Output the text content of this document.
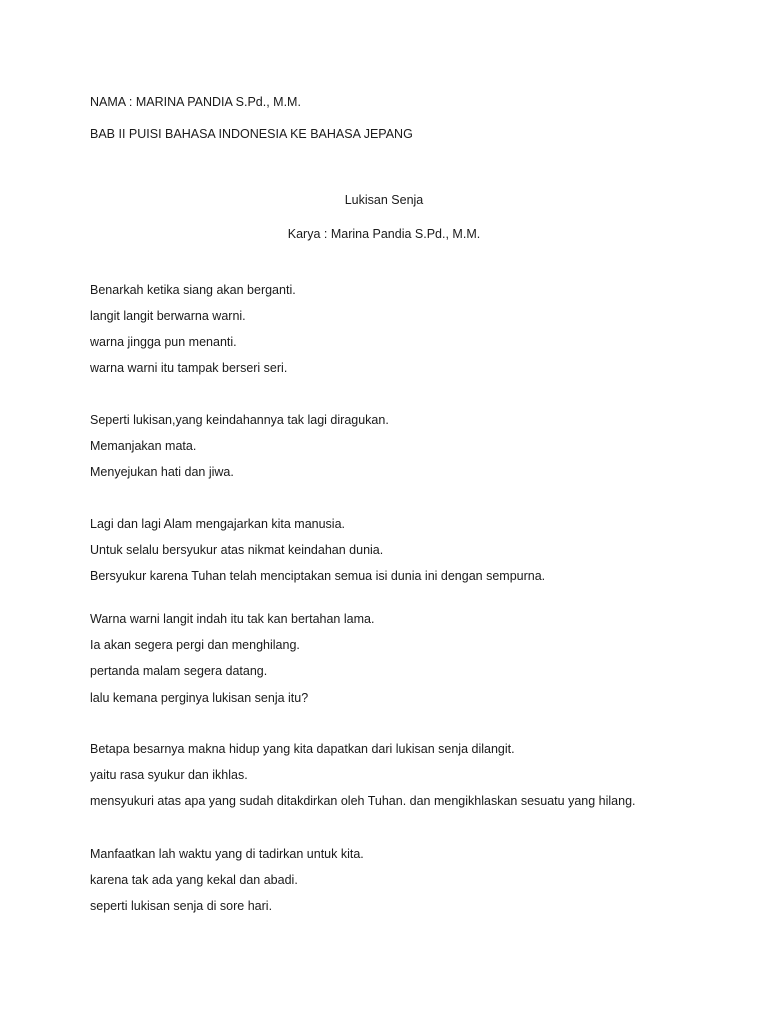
NAMA : MARINA PANDIA S.Pd., M.M.
BAB II PUISI BAHASA INDONESIA KE BAHASA JEPANG
Lukisan Senja
Karya : Marina Pandia S.Pd., M.M.
Benarkah ketika siang akan berganti.
langit langit berwarna warni.
warna jingga pun menanti.
warna warni itu tampak berseri seri.
Seperti lukisan,yang keindahannya tak lagi diragukan.
Memanjakan mata.
Menyejukan hati dan jiwa.
Lagi dan lagi Alam mengajarkan kita manusia.
Untuk selalu bersyukur atas nikmat keindahan dunia.
Bersyukur karena Tuhan telah menciptakan semua isi dunia ini dengan sempurna.
Warna warni langit indah itu tak kan bertahan lama.
Ia akan segera pergi dan menghilang.
pertanda malam segera datang.
lalu kemana perginya lukisan senja itu?
Betapa besarnya makna hidup yang kita dapatkan dari lukisan senja dilangit.
yaitu rasa syukur dan ikhlas.
mensyukuri atas apa yang sudah ditakdirkan oleh Tuhan. dan mengikhlaskan sesuatu yang hilang.
Manfaatkan lah waktu yang di tadirkan untuk kita.
karena tak ada yang kekal dan abadi.
seperti lukisan senja di sore hari.
